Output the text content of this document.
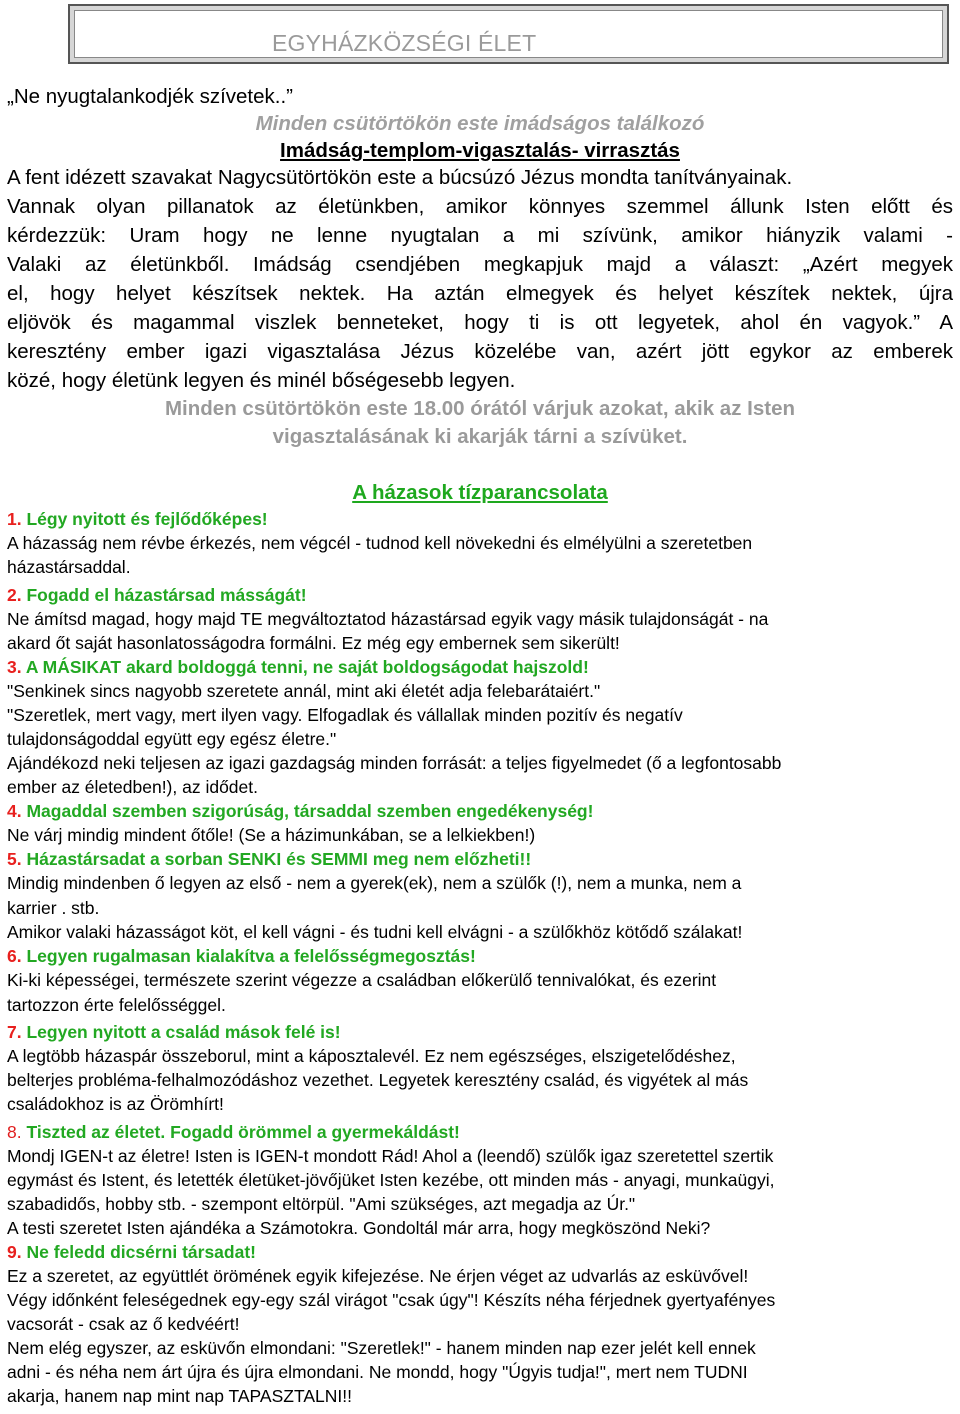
EGYHÁZKÖZSÉGI ÉLET
„Ne nyugtalankodjék szívetek..”
Minden csütörtökön este imádságos találkozó
Imádság-templom-vigasztalás- virrasztás
A fent idézett szavakat Nagycsütörtökön este a búcsúzó Jézus mondta tanítványainak.
Vannak olyan pillanatok az életünkben, amikor könnyes szemmel állunk Isten előtt és
kérdezzük: Uram hogy ne lenne nyugtalan a mi szívünk, amikor hiányzik valami -
Valaki az életünkből. Imádság csendjében megkapjuk majd a választ: „Azért megyek
el, hogy helyet készítsek nektek. Ha aztán elmegyek és helyet készítek nektek, újra
eljövök és magammal viszlek benneteket, hogy ti is ott legyetek, ahol én vagyok.” A
keresztény ember igazi vigasztalása Jézus közelébe van, azért jött egykor az emberek
közé, hogy életünk legyen és minél bőségesebb legyen.
Minden csütörtökön este 18.00 órától várjuk azokat, akik az Isten
vigasztalásának ki akarják tárni a szívüket.
A házasok tízparancsolata
1. Légy nyitott és fejlődőképes!
A házasság nem révbe érkezés, nem végcél - tudnod kell növekedni és elmélyülni a szeretetben
házastársaddal.
2. Fogadd el házastársad másságát!
Ne ámítsd magad, hogy majd TE megváltoztatod házastársad egyik vagy másik tulajdonságát - na
akard őt saját hasonlatosságodra formálni. Ez még egy embernek sem sikerült!
3. A MÁSIKAT akard boldoggá tenni, ne saját boldogságodat hajszold!
"Senkinek sincs nagyobb szeretete annál, mint aki életét adja felebarátaiért."
"Szeretlek, mert vagy, mert ilyen vagy. Elfogadlak és vállallak minden pozitív és negatív
tulajdonságoddal együtt egy egész életre."
Ajándékozd neki teljesen az igazi gazdagság minden forrását: a teljes figyelmedet (ő a legfontosabb
ember az életedben!), az idődet.
4. Magaddal szemben szigorúság, társaddal szemben engedékenység!
Ne várj mindig mindent őtőle! (Se a házimunkában, se a lelkiekben!)
5. Házastársadat a sorban SENKI és SEMMI meg nem előzheti!!
Mindig mindenben ő legyen az első - nem a gyerek(ek), nem a szülők (!), nem a munka, nem a
karrier . stb.
Amikor valaki házasságot köt, el kell vágni - és tudni kell elvágni - a szülőkhöz kötődő szálakat!
6. Legyen rugalmasan kialakítva a felelősségmegosztás!
Ki-ki képességei, természete szerint végezze a családban előkerülő tennivalókat, és ezerint
tartozzon érte felelősséggel.
7. Legyen nyitott a család mások felé is!
A legtöbb házaspár összeborul, mint a káposztalevél. Ez nem egészséges, elszigetelődéshez,
belterjes probléma-felhalmozódáshoz vezethet. Legyetek keresztény család, és vigyétek al más
családokhoz is az Örömhírt!
8. Tiszted az életet. Fogadd örömmel a gyermekáldást!
Mondj IGEN-t az életre! Isten is IGEN-t mondott Rád! Ahol a (leendő) szülők igaz szeretettel szertik
egymást és Istent, és letették életüket-jövőjüket Isten kezébe, ott minden más - anyagi, munkaügyi,
szabadidős, hobby stb. - szempont eltörpül. "Ami szükséges, azt megadja az Úr."
A testi szeretet Isten ajándéka a Számotokra. Gondoltál már arra, hogy megköszönd Neki?
9. Ne feledd dicsérni társadat!
Ez a szeretet, az együttlét örömének egyik kifejezése. Ne érjen véget az udvarlás az esküvővel!
Végy időnként feleségednek egy-egy szál virágot "csak úgy"! Készíts néha férjednek gyertyafényes
vacsorát - csak az ő kedvéért!
Nem elég egyszer, az esküvőn elmondani: "Szeretlek!" - hanem minden nap ezer jelét kell ennek
adni - és néha nem árt újra és újra elmondani. Ne mondd, hogy "Úgyis tudja!", mert nem TUDNI
akarja, hanem nap mint nap TAPASZTALNI!!
